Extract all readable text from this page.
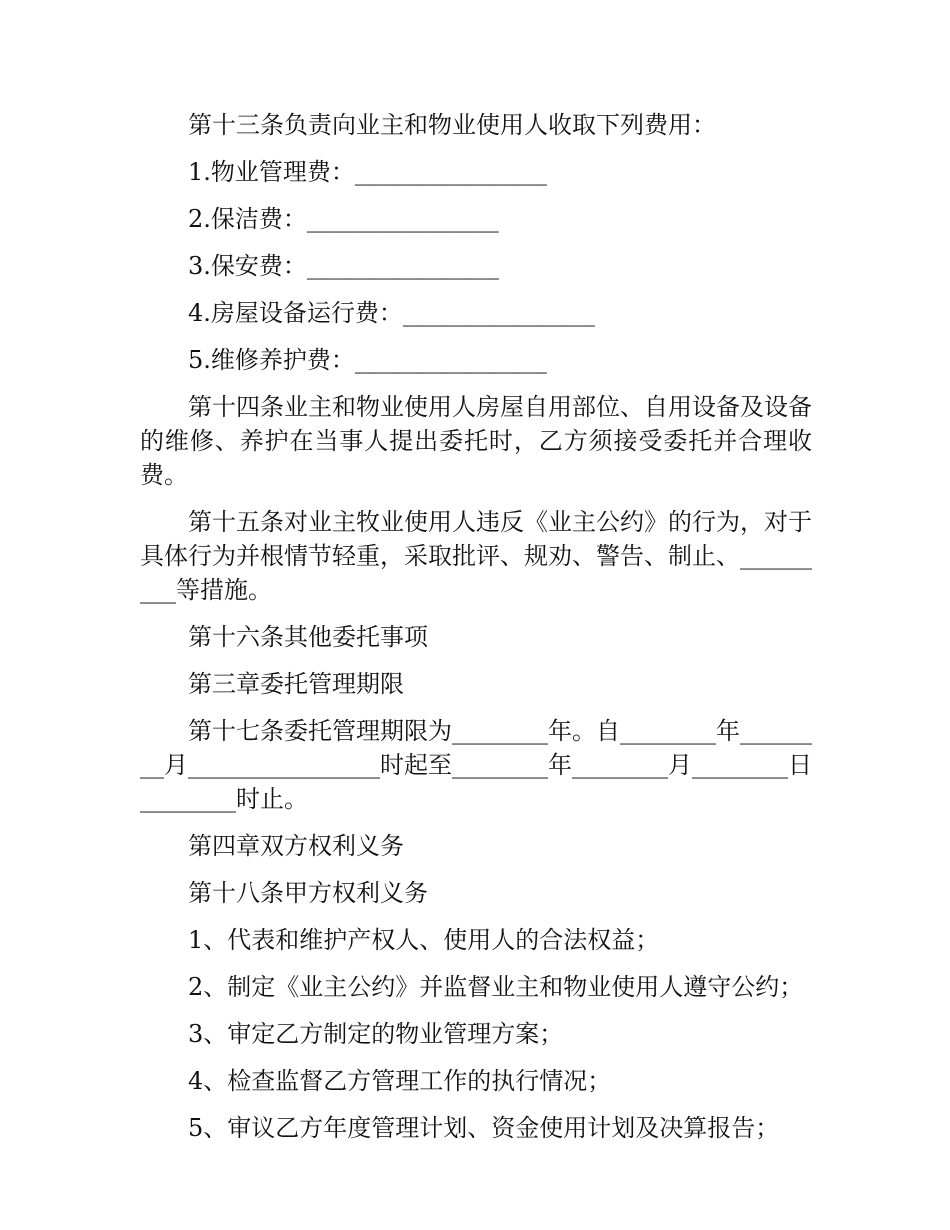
第十三条负责向业主和物业使用人收取下列费用：

1.物业管理费：________________

2.保洁费：________________

3.保安费：________________

4.房屋设备运行费：________________

5.维修养护费：________________

第十四条业主和物业使用人房屋自用部位、自用设备及设备的维修、养护在当事人提出委托时，乙方须接受委托并合理收费。

第十五条对业主牧业使用人违反《业主公约》的行为，对于具体行为并根情节轻重，采取批评、规劝、警告、制止、_________等措施。

第十六条其他委托事项

第三章委托管理期限

第十七条委托管理期限为________年。自________年________月________________时起至________年________月________日________时止。

第四章双方权利义务

第十八条甲方权利义务

1、代表和维护产权人、使用人的合法权益；

2、制定《业主公约》并监督业主和物业使用人遵守公约；

3、审定乙方制定的物业管理方案；

4、检查监督乙方管理工作的执行情况；

5、审议乙方年度管理计划、资金使用计划及决算报告；
